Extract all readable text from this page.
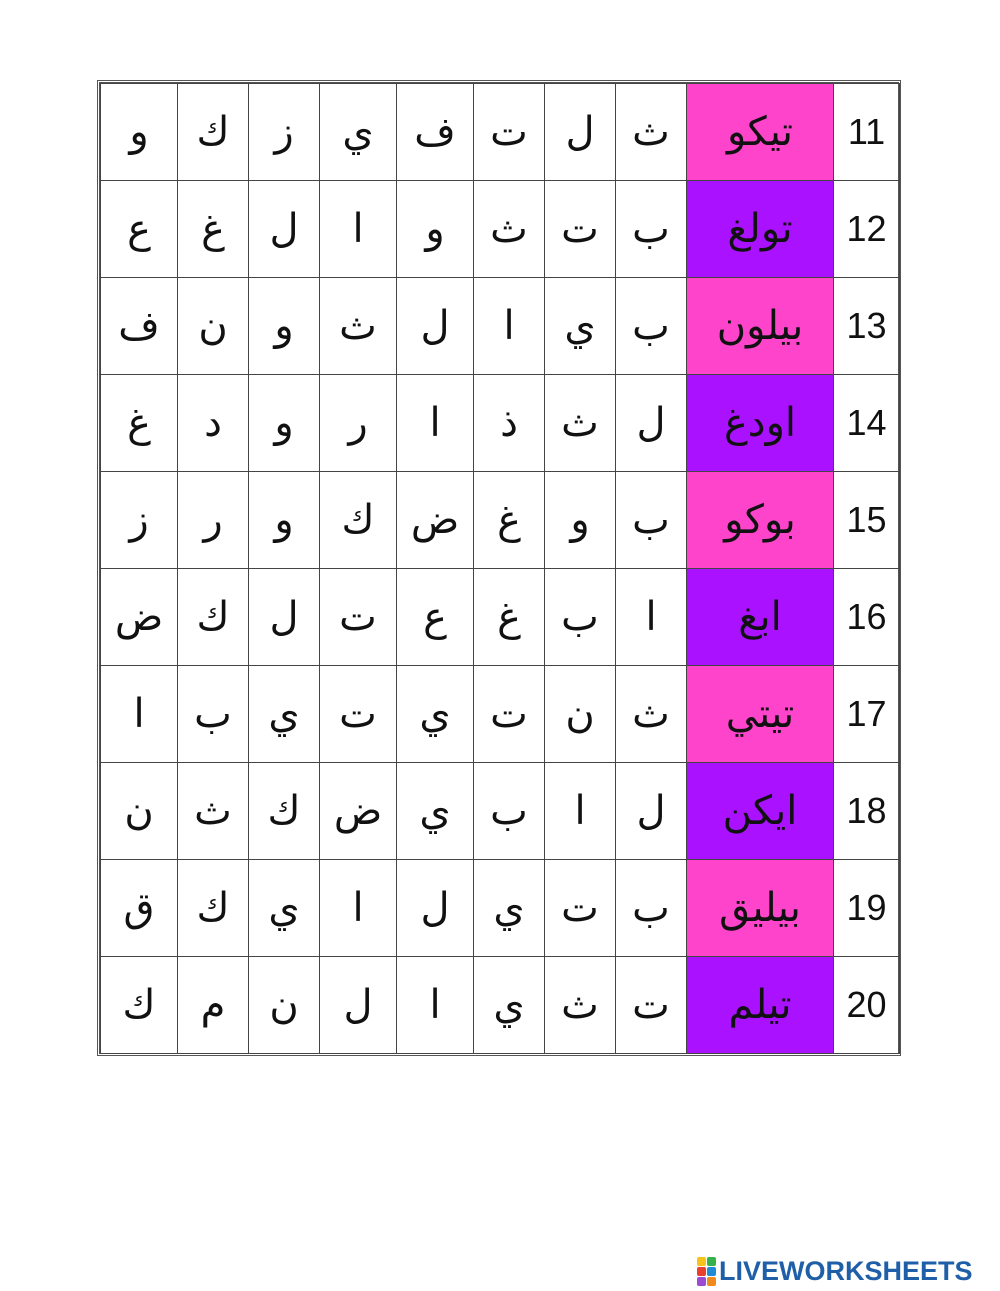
و	ك	ز	ي	ف	ت	ل	ث	تيكو	11
ع	غ	ل	ا	و	ث	ت	ب	تولغ	12
ف	ن	و	ث	ل	ا	ي	ب	بيلون	13
غ	د	و	ر	ا	ذ	ث	ل	اودغ	14
ز	ر	و	ك	ض	غ	و	ب	بوكو	15
ض	ك	ل	ت	ع	غ	ب	ا	ابغ	16
ا	ب	ي	ت	ي	ت	ن	ث	تيتي	17
ن	ث	ك	ض	ي	ب	ا	ل	ايكن	18
ق	ك	ي	ا	ل	ي	ت	ب	بيليق	19
ك	م	ن	ل	ا	ي	ث	ت	تيلم	20
LIVEWORKSHEETS
